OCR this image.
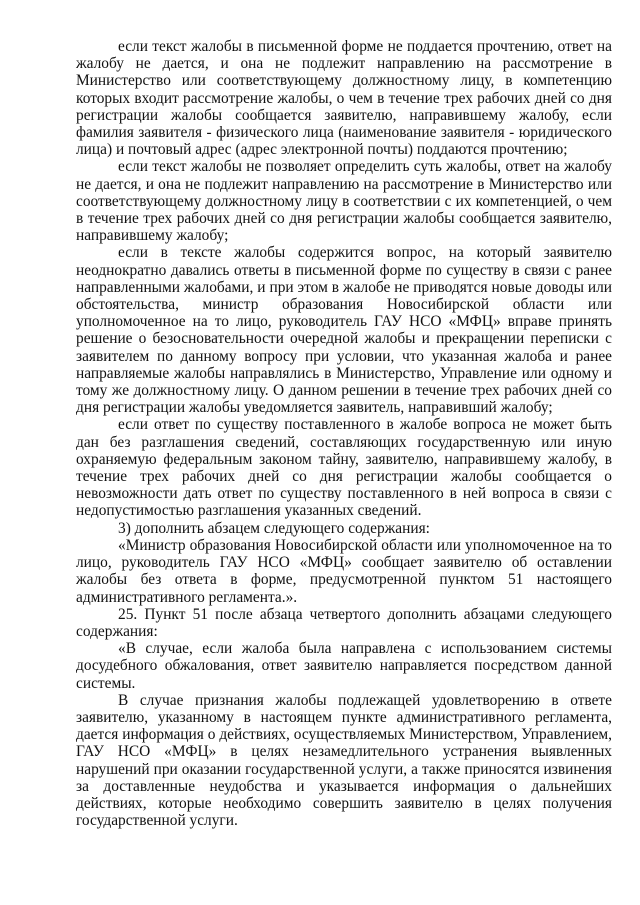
если текст жалобы в письменной форме не поддается прочтению, ответ на жалобу не дается, и она не подлежит направлению на рассмотрение в Министерство или соответствующему должностному лицу, в компетенцию которых входит рассмотрение жалобы, о чем в течение трех рабочих дней со дня регистрации жалобы сообщается заявителю, направившему жалобу, если фамилия заявителя - физического лица (наименование заявителя - юридического лица) и почтовый адрес (адрес электронной почты) поддаются прочтению;

если текст жалобы не позволяет определить суть жалобы, ответ на жалобу не дается, и она не подлежит направлению на рассмотрение в Министерство или соответствующему должностному лицу в соответствии с их компетенцией, о чем в течение трех рабочих дней со дня регистрации жалобы сообщается заявителю, направившему жалобу;

если в тексте жалобы содержится вопрос, на который заявителю неоднократно давались ответы в письменной форме по существу в связи с ранее направленными жалобами, и при этом в жалобе не приводятся новые доводы или обстоятельства, министр образования Новосибирской области или уполномоченное на то лицо, руководитель ГАУ НСО «МФЦ» вправе принять решение о безосновательности очередной жалобы и прекращении переписки с заявителем по данному вопросу при условии, что указанная жалоба и ранее направляемые жалобы направлялись в Министерство, Управление или одному и тому же должностному лицу. О данном решении в течение трех рабочих дней со дня регистрации жалобы уведомляется заявитель, направивший жалобу;

если ответ по существу поставленного в жалобе вопроса не может быть дан без разглашения сведений, составляющих государственную или иную охраняемую федеральным законом тайну, заявителю, направившему жалобу, в течение трех рабочих дней со дня регистрации жалобы сообщается о невозможности дать ответ по существу поставленного в ней вопроса в связи с недопустимостью разглашения указанных сведений.

3) дополнить абзацем следующего содержания:

«Министр образования Новосибирской области или уполномоченное на то лицо, руководитель ГАУ НСО «МФЦ» сообщает заявителю об оставлении жалобы без ответа в форме, предусмотренной пунктом 51 настоящего административного регламента.».

25. Пункт 51 после абзаца четвертого дополнить абзацами следующего содержания:

«В случае, если жалоба была направлена с использованием системы досудебного обжалования, ответ заявителю направляется посредством данной системы.

В случае признания жалобы подлежащей удовлетворению в ответе заявителю, указанному в настоящем пункте административного регламента, дается информация о действиях, осуществляемых Министерством, Управлением, ГАУ НСО «МФЦ» в целях незамедлительного устранения выявленных нарушений при оказании государственной услуги, а также приносятся извинения за доставленные неудобства и указывается информация о дальнейших действиях, которые необходимо совершить заявителю в целях получения государственной услуги.
